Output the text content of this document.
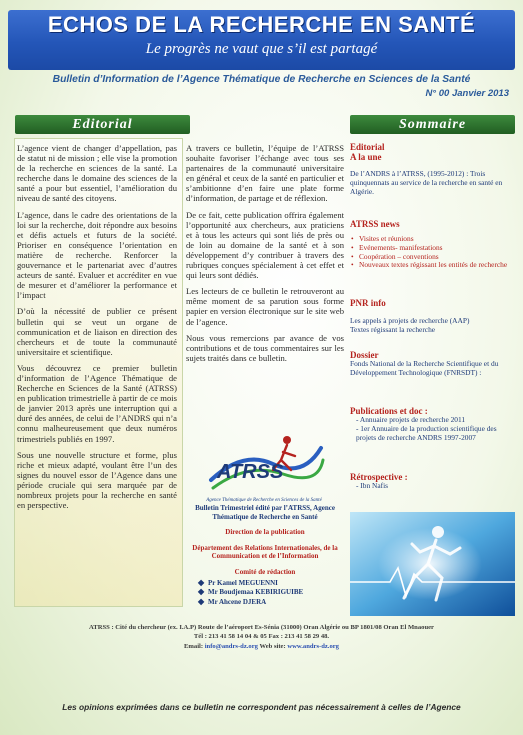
ECHOS DE LA RECHERCHE EN SANTÉ
Le progrès ne vaut que s’il est partagé
Bulletin d’Information de l’Agence Thématique de Recherche en Sciences de la Santé
N° 00 Janvier 2013
Editorial	Sommaire

L’agence vient de changer d’appellation, pas de statut ni de mission ; elle vise la promotion de la recherche en sciences de la santé. La recherche dans le domaine des sciences de la santé a pour but essentiel, l’amélioration du niveau de santé des citoyens.

L’agence, dans le cadre des orientations de la loi sur la recherche, doit répondre aux besoins et défis actuels et futurs de la société. Prioriser en conséquence l’orientation en matière de recherche. Renforcer la gouvernance et le partenariat avec d’autres acteurs de santé. Evaluer et accréditer en vue de mesurer et d’améliorer la performance et l’impact

D’où la nécessité de publier ce présent bulletin qui se veut un organe de communication et de liaison en direction des chercheurs et de toute la communauté universitaire et scientifique.

Vous découvrez ce premier bulletin d’information de l’Agence Thématique de Recherche en Sciences de la Santé (ATRSS) en publication trimestrielle à partir de ce mois de janvier 2013 après une interruption qui a duré des années, de celui de l’ANDRS qui n’a connu malheureusement que deux numéros trimestriels publiés en 1997.

Sous une nouvelle structure et forme, plus riche et mieux adapté, voulant être l’un des signes du nouvel essor de l’Agence dans une période cruciale qui sera marquée par de nombreux projets pour la recherche en santé en perspective.

A travers ce bulletin, l’équipe de l’ATRSS souhaite favoriser l’échange avec tous ses partenaires de la communauté universitaire en général et ceux de la santé en particulier et s’ambitionne d’en faire une plate forme d’information, de partage et de réflexion.

De ce fait, cette publication offrira également l’opportunité aux chercheurs, aux praticiens et à tous les acteurs qui sont liés de près ou de loin au domaine de la santé et à son développement d’y contribuer à travers des rubriques conçues spécialement à cet effet et qui leurs sont dédiés.

Les lecteurs de ce bulletin le retrouveront au même moment de sa parution sous forme papier en version électronique sur le site web de l’agence.

Nous vous remercions par avance de vos contributions et de tous commentaires sur les sujets traités dans ce bulletin.

ATRSS
Agence Thématique de Recherche en Sciences de la Santé
Bulletin Trimestriel édité par l’ATRSS, Agence Thématique de Recherche en Santé
Direction de la publication
Département des Relations Internationales, de la Communication et de l’Information
Comité de rédaction
◆ Pr Kamel MEGUENNI
◆ Mr Boudjemaa KEBIRIGUIBE
◆ Mr Ahcene DJERA
Editorial
A la une
De l’ANDRS à l’ATRSS, (1995-2012) : Trois quinquennats au service de la recherche en santé en Algérie.
ATRSS news
• Visites et réunions
• Evénements- manifestations
• Coopération – conventions
• Nouveaux textes régissant les entités de recherche
PNR info
Les appels à projets de recherche (AAP)
Textes régissant la recherche
Dossier
Fonds National de la Recherche Scientifique et du Développement Technologique (FNRSDT) :
Publications et doc :
- Annuaire projets de recherche 2011
- 1er Annuaire de la production scientifique des projets de recherche ANDRS 1997-2007
Rétrospective :
- Ibn Nafis
ATRSS : Cité du chercheur (ex. I.A.P) Route de l’aéroport Es-Sénia (31000) Oran Algérie ou BP 1801/08 Oran El Mnaouer
Tél : 213 41 58 14 04 & 05 Fax : 213 41 58 29 48.
Email: info@andrs-dz.org Web site: www.andrs-dz.org
Les opinions exprimées dans ce bulletin ne correspondent pas nécessairement à celles de l’Agence
